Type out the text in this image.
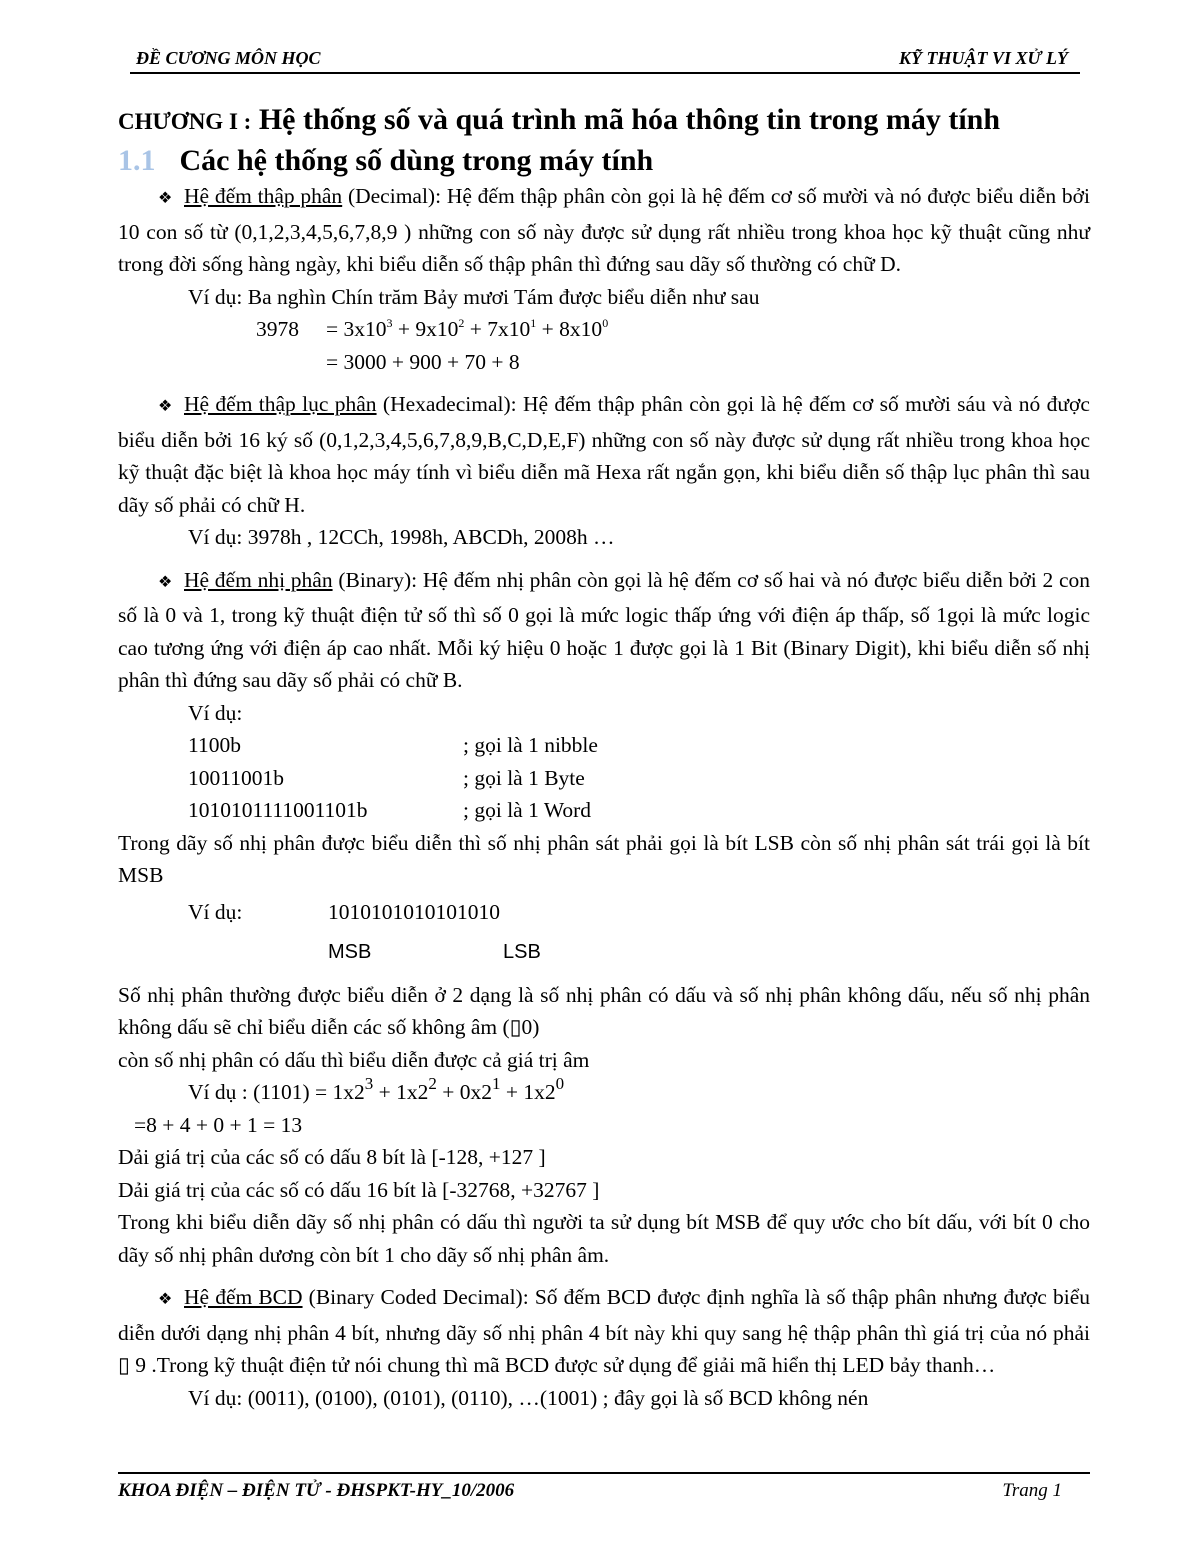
ĐỀ CƯƠNG MÔN HỌC	KỸ THUẬT VI XỬ LÝ

CHƯƠNG I : Hệ thống số và quá trình mã hóa thông tin trong máy tính

1.1 Các hệ thống số dùng trong máy tính

❖ Hệ đếm thập phân (Decimal): Hệ đếm thập phân còn gọi là hệ đếm cơ số mười và nó được biểu diễn bởi 10 con số từ (0,1,2,3,4,5,6,7,8,9 ) những con số này được sử dụng rất nhiều trong khoa học kỹ thuật cũng như trong đời sống hàng ngày, khi biểu diễn số thập phân thì đứng sau dãy số thường có chữ D.

Ví dụ: Ba nghìn Chín trăm Bảy mươi Tám được biểu diễn như sau

3978	= $3x10^3 + 9x10^2 + 7x10^1 + 8x10^0$
= 3000 + 900 + 70 + 8

❖ Hệ đếm thập lục phân (Hexadecimal): Hệ đếm thập phân còn gọi là hệ đếm cơ số mười sáu và nó được biểu diễn bởi 16 ký số (0,1,2,3,4,5,6,7,8,9,B,C,D,E,F) những con số này được sử dụng rất nhiều trong khoa học kỹ thuật đặc biệt là khoa học máy tính vì biểu diễn mã Hexa rất ngắn gọn, khi biểu diễn số thập lục phân thì sau dãy số phải có chữ H.

Ví dụ: 3978h , 12CCh, 1998h, ABCDh, 2008h …

❖ Hệ đếm nhị phân (Binary): Hệ đếm nhị phân còn gọi là hệ đếm cơ số hai và nó được biểu diễn bởi 2 con số là 0 và 1, trong kỹ thuật điện tử số thì số 0 gọi là mức logic thấp ứng với điện áp thấp, số 1gọi là mức logic cao tương ứng với điện áp cao nhất. Mỗi ký hiệu 0 hoặc 1 được gọi là 1 Bit (Binary Digit), khi biểu diễn số nhị phân thì đứng sau dãy số phải có chữ B.

Ví dụ:

1100b	; gọi là 1 nibble
10011001b	; gọi là 1 Byte
1010101111001101b	; gọi là 1 Word

Trong dãy số nhị phân được biểu diễn thì số nhị phân sát phải gọi là bít LSB còn số nhị phân sát trái gọi là bít MSB

Ví dụ:	1010101010101010
MSB	LSB

Số nhị phân thường được biểu diễn ở 2 dạng là số nhị phân có dấu và số nhị phân không dấu, nếu số nhị phân không dấu sẽ chỉ biểu diễn các số không âm (▯0)

còn số nhị phân có dấu thì biểu diễn được cả giá trị âm

Ví dụ : $(1101) = 1x2^3 + 1x2^2 + 0x2^1 + 1x2^0$

=8 + 4 + 0 + 1 = 13

Dải giá trị của các số có dấu 8 bít là [-128, +127 ]

Dải giá trị của các số có dấu 16 bít là [-32768, +32767 ]

Trong khi biểu diễn dãy số nhị phân có dấu thì người ta sử dụng bít MSB để quy ước cho bít dấu, với bít 0 cho dãy số nhị phân dương còn bít 1 cho dãy số nhị phân âm.

❖ Hệ đếm BCD (Binary Coded Decimal): Số đếm BCD được định nghĩa là số thập phân nhưng được biểu diễn dưới dạng nhị phân 4 bít, nhưng dãy số nhị phân 4 bít này khi quy sang hệ thập phân thì giá trị của nó phải ▯ 9 .Trong kỹ thuật điện tử nói chung thì mã BCD được sử dụng để giải mã hiển thị LED bảy thanh…

Ví dụ: (0011), (0100), (0101), (0110), …(1001) ; đây gọi là số BCD không nén

KHOA ĐIỆN – ĐIỆN TỬ - ĐHSPKT-HY_10/2006	Trang 1
